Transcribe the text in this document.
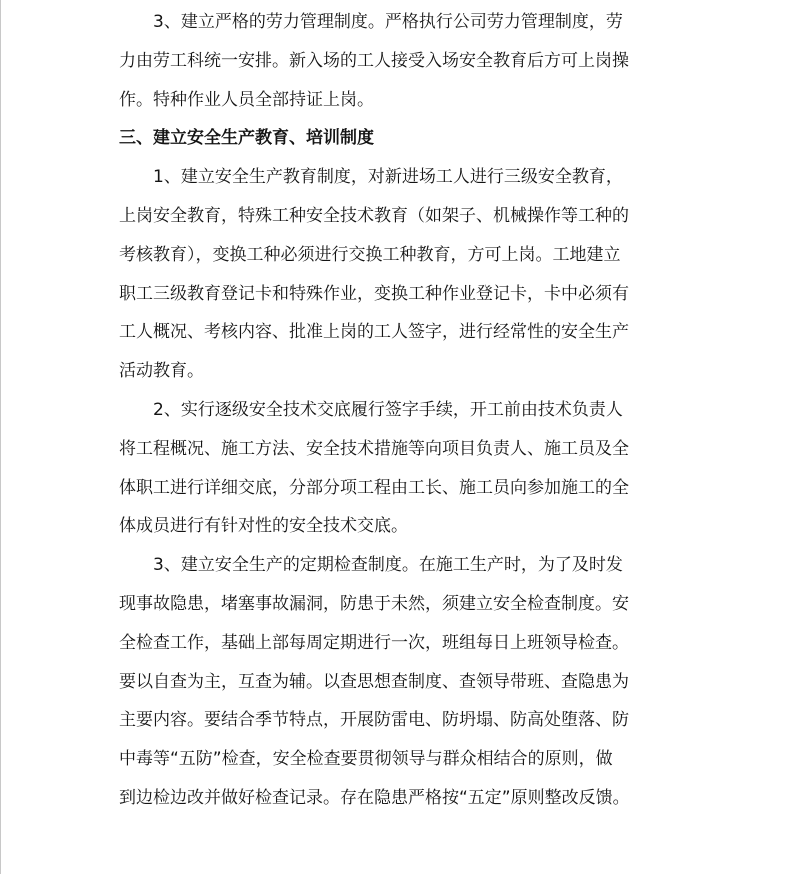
3、建立严格的劳力管理制度。严格执行公司劳力管理制度，劳
力由劳工科统一安排。新入场的工人接受入场安全教育后方可上岗操
作。特种作业人员全部持证上岗。
三、建立安全生产教育、培训制度
1、建立安全生产教育制度，对新进场工人进行三级安全教育，
上岗安全教育，特殊工种安全技术教育（如架子、机械操作等工种的
考核教育），变换工种必须进行交换工种教育，方可上岗。工地建立
职工三级教育登记卡和特殊作业，变换工种作业登记卡，卡中必须有
工人概况、考核内容、批准上岗的工人签字，进行经常性的安全生产
活动教育。
2、实行逐级安全技术交底履行签字手续，开工前由技术负责人
将工程概况、施工方法、安全技术措施等向项目负责人、施工员及全
体职工进行详细交底，分部分项工程由工长、施工员向参加施工的全
体成员进行有针对性的安全技术交底。
3、建立安全生产的定期检查制度。在施工生产时，为了及时发
现事故隐患，堵塞事故漏洞，防患于未然，须建立安全检查制度。安
全检查工作，基础上部每周定期进行一次，班组每日上班领导检查。
要以自查为主，互查为辅。以查思想查制度、查领导带班、查隐患为
主要内容。要结合季节特点，开展防雷电、防坍塌、防高处堕落、防
中毒等“五防”检查，安全检查要贯彻领导与群众相结合的原则，做
到边检边改并做好检查记录。存在隐患严格按“五定”原则整改反馈。
